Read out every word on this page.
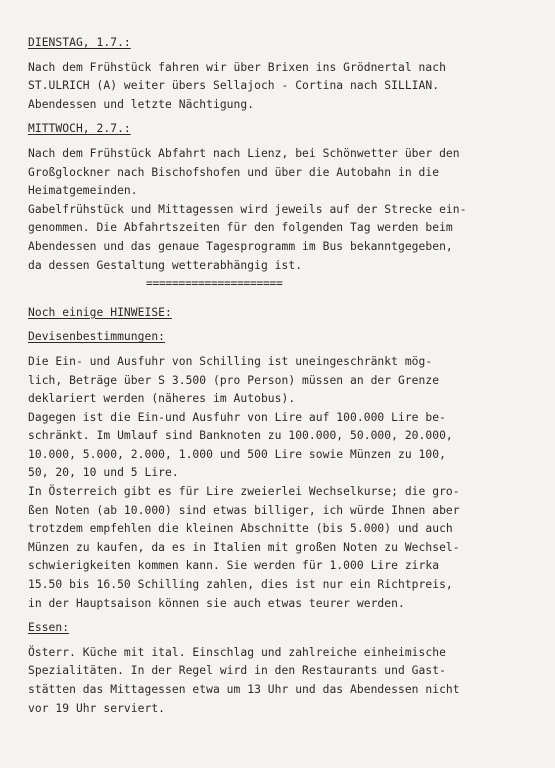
DIENSTAG, 1.7.:
Nach dem Frühstück fahren wir über Brixen ins Grödnertal nach
ST.ULRICH (A) weiter übers Sellajoch - Cortina nach SILLIAN.
Abendessen und letzte Nächtigung.
MITTWOCH, 2.7.:
Nach dem Frühstück Abfahrt nach Lienz, bei Schönwetter über den
Großglockner nach Bischofshofen und über die Autobahn in die
Heimatgemeinden.
Gabelfrühstück und Mittagessen wird jeweils auf der Strecke ein-
genommen. Die Abfahrtszeiten für den folgenden Tag werden beim
Abendessen und das genaue Tagesprogramm im Bus bekanntgegeben,
da dessen Gestaltung wetterabhängig ist.
=====================
Noch einige HINWEISE:
Devisenbestimmungen:
Die Ein- und Ausfuhr von Schilling ist uneingeschränkt mög-
lich, Beträge über S 3.500 (pro Person) müssen an der Grenze
deklariert werden (näheres im Autobus).
Dagegen ist die Ein-und Ausfuhr von Lire auf 100.000 Lire be-
schränkt. Im Umlauf sind Banknoten zu 100.000, 50.000, 20.000,
10.000, 5.000, 2.000, 1.000 und 500 Lire sowie Münzen zu 100,
50, 20, 10 und 5 Lire.
In Österreich gibt es für Lire zweierlei Wechselkurse; die gro-
ßen Noten (ab 10.000) sind etwas billiger, ich würde Ihnen aber
trotzdem empfehlen die kleinen Abschnitte (bis 5.000) und auch
Münzen zu kaufen, da es in Italien mit großen Noten zu Wechsel-
schwierigkeiten kommen kann. Sie werden für 1.000 Lire zirka
15.50 bis 16.50 Schilling zahlen, dies ist nur ein Richtpreis,
in der Hauptsaison können sie auch etwas teurer werden.
Essen:
Österr. Küche mit ital. Einschlag und zahlreiche einheimische
Spezialitäten. In der Regel wird in den Restaurants und Gast-
stätten das Mittagessen etwa um 13 Uhr und das Abendessen nicht
vor 19 Uhr serviert.
